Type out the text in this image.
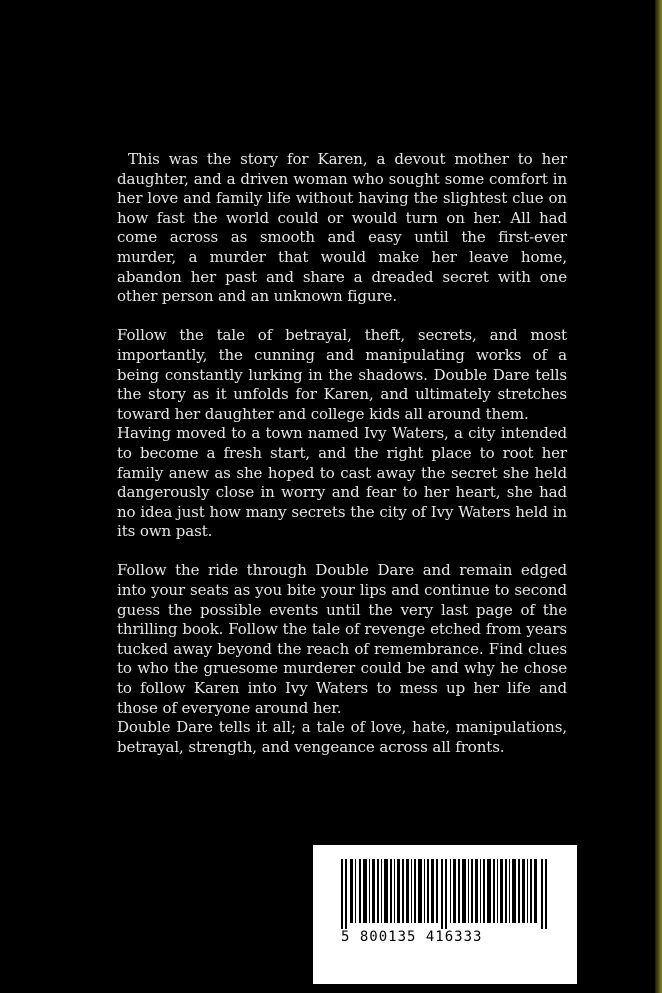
This was the story for Karen, a devout mother to her daughter, and a driven woman who sought some comfort in her love and family life without having the slightest clue on how fast the world could or would turn on her. All had come across as smooth and easy until the first-ever murder, a murder that would make her leave home, abandon her past and share a dreaded secret with one other person and an unknown figure.

Follow the tale of betrayal, theft, secrets, and most importantly, the cunning and manipulating works of a being constantly lurking in the shadows. Double Dare tells the story as it unfolds for Karen, and ultimately stretches toward her daughter and college kids all around them.

Having moved to a town named Ivy Waters, a city intended to become a fresh start, and the right place to root her family anew as she hoped to cast away the secret she held dangerously close in worry and fear to her heart, she had no idea just how many secrets the city of Ivy Waters held in its own past.

Follow the ride through Double Dare and remain edged into your seats as you bite your lips and continue to second guess the possible events until the very last page of the thrilling book. Follow the tale of revenge etched from years tucked away beyond the reach of remembrance. Find clues to who the gruesome murderer could be and why he chose to follow Karen into Ivy Waters to mess up her life and those of everyone around her.

Double Dare tells it all; a tale of love, hate, manipulations, betrayal, strength, and vengeance across all fronts.

5 800135 416333
